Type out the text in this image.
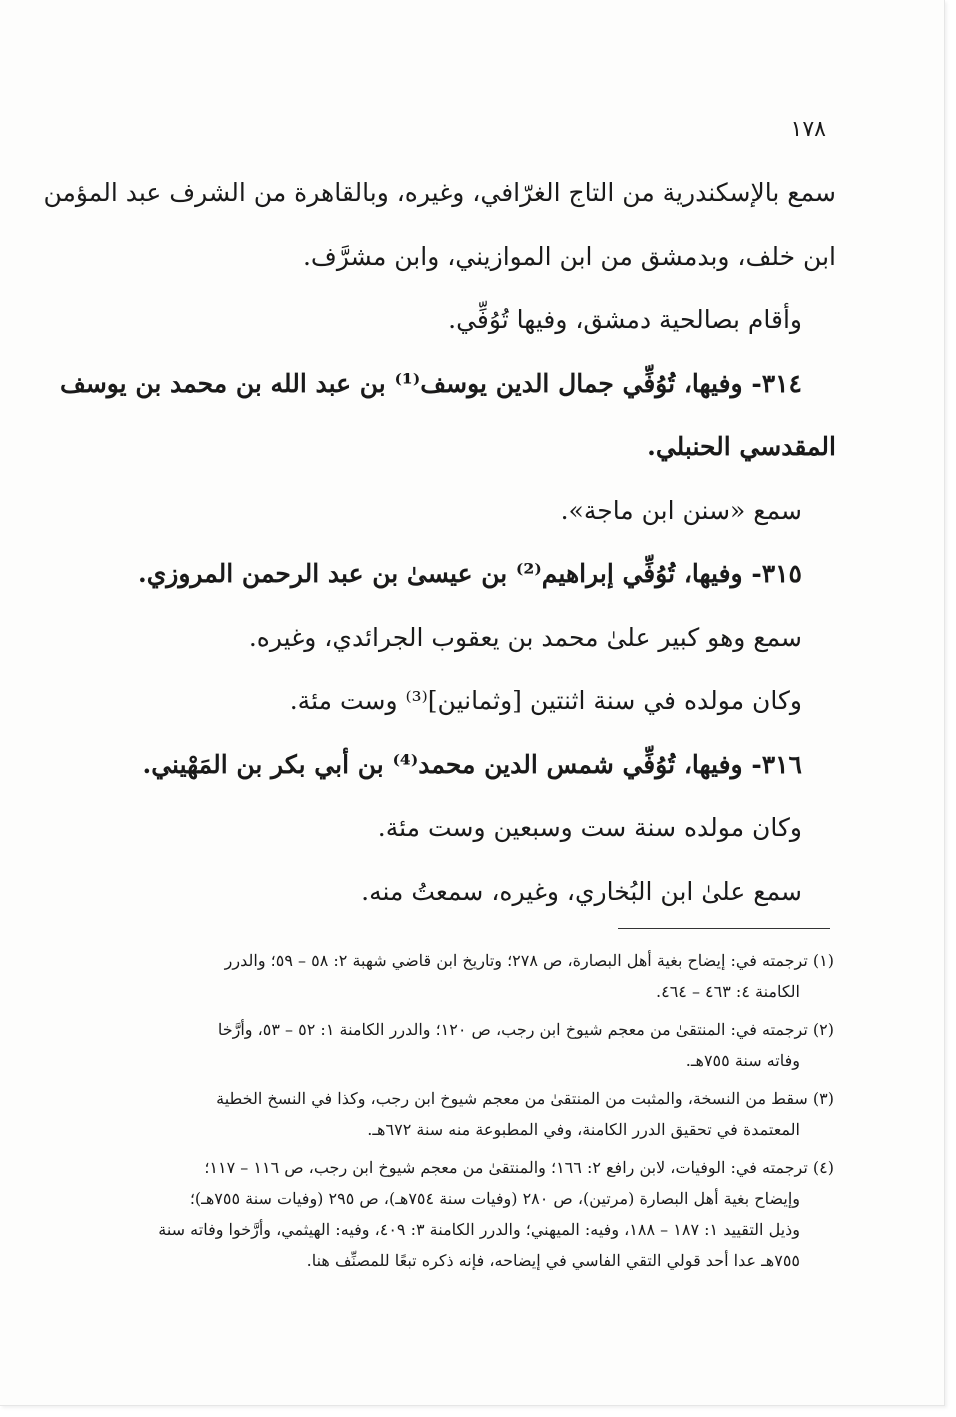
١٧٨
سمع بالإسكندرية من التاج الغرّافي، وغيره، وبالقاهرة من الشرف عبد المؤمن
ابن خلف، وبدمشق من ابن الموازيني، وابن مشرَّف.
وأقام بصالحية دمشق، وفيها تُوُفِّي.
٣١٤- وفيها، تُوُفِّي جمال الدين يوسف⁽¹⁾ بن عبد الله بن محمد بن يوسف
المقدسي الحنبلي.
سمع «سنن ابن ماجة».
٣١٥- وفيها، تُوُفِّي إبراهيم⁽²⁾ بن عيسىٰ بن عبد الرحمن المروزي.
سمع وهو كبير علىٰ محمد بن يعقوب الجرائدي، وغيره.
وكان مولده في سنة اثنتين [وثمانين]⁽³⁾ وست مئة.
٣١٦- وفيها، تُوُفِّي شمس الدين محمد⁽⁴⁾ بن أبي بكر بن المَهْيني.
وكان مولده سنة ست وسبعين وست مئة.
سمع علىٰ ابن البُخاري، وغيره، سمعتُ منه.
(١) ترجمته في: إيضاح بغية أهل البصارة، ص ٢٧٨؛ وتاريخ ابن قاضي شهبة ٢: ٥٨ – ٥٩؛ والدرر
الكامنة ٤: ٤٦٣ – ٤٦٤.
(٢) ترجمته في: المنتقىٰ من معجم شيوخ ابن رجب، ص ١٢٠؛ والدرر الكامنة ١: ٥٢ – ٥٣، وأرَّخا
وفاته سنة ٧٥٥هـ.
(٣) سقط من النسخة، والمثبت من المنتقىٰ من معجم شيوخ ابن رجب، وكذا في النسخ الخطية
المعتمدة في تحقيق الدرر الكامنة، وفي المطبوعة منه سنة ٦٧٢هـ.
(٤) ترجمته في: الوفيات، لابن رافع ٢: ١٦٦؛ والمنتقىٰ من معجم شيوخ ابن رجب، ص ١١٦ – ١١٧؛
وإيضاح بغية أهل البصارة (مرتين)، ص ٢٨٠ (وفيات سنة ٧٥٤هـ)، ص ٢٩٥ (وفيات سنة ٧٥٥هـ)؛
وذيل التقييد ١: ١٨٧ – ١٨٨، وفيه: الميهني؛ والدرر الكامنة ٣: ٤٠٩، وفيه: الهيثمي، وأرَّخوا وفاته سنة
٧٥٥هـ عدا أحد قولي التقي الفاسي في إيضاحه، فإنه ذكره تبعًا للمصنِّف هنا.
